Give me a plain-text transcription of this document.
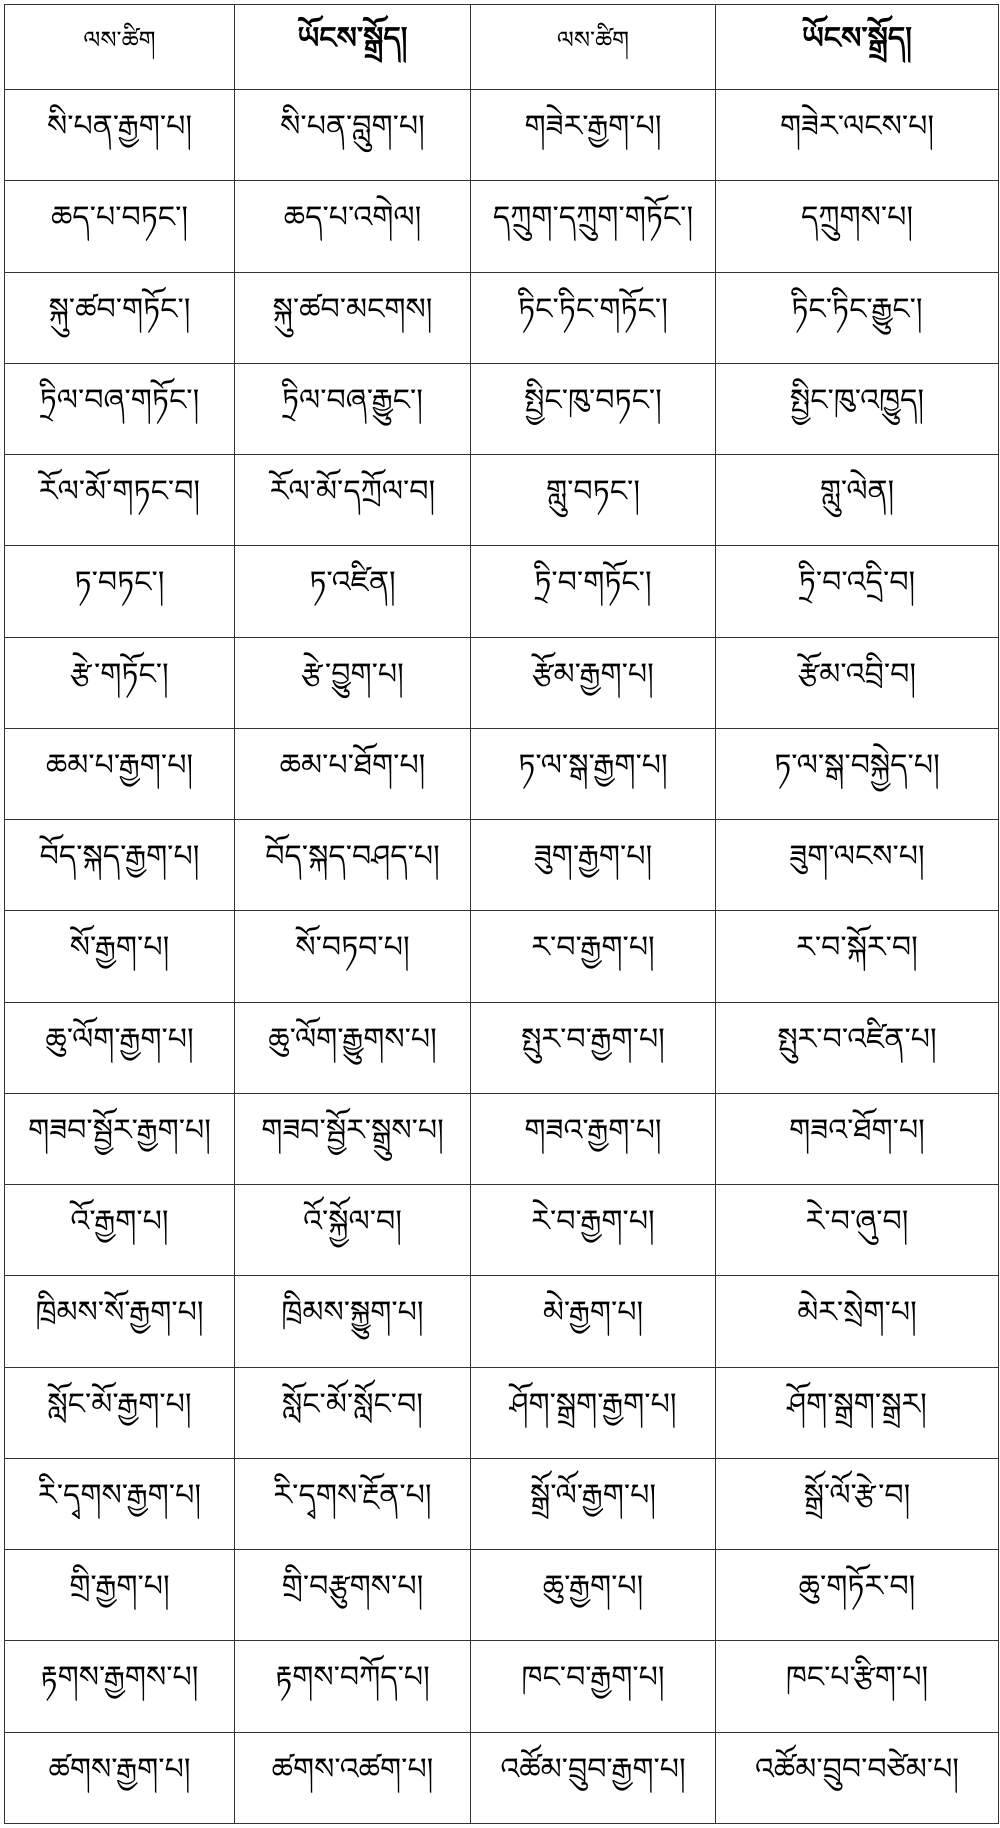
ལས་ཚིག	ཡོངས་སྒྲོད།	ལས་ཚིག	ཡོངས་སྒྲོད།
སི་པན་རྒྱག་པ།	སི་པན་བླུག་པ།	གཟེར་རྒྱག་པ།	གཟེར་ལངས་པ།
ཆད་པ་བཏང་།	ཆད་པ་འགེལ།	དཀྲུག་དཀྲུག་གཏོང་།	དཀྲུགས་པ།
སྐུ་ཚབ་གཏོང་།	སྐུ་ཚབ་མངགས།	ཏིང་ཏིང་གཏོང་།	ཏིང་ཏིང་རྒྱུང་།
ཏྲིལ་བཞ་གཏོང་།	ཏྲིལ་བཞ་རྒྱུང་།	སྤྱིང་ཁུ་བཏང་།	སྤྱིང་ཁུ་འཁྱུད།
རོལ་མོ་གཏང་བ།	རོལ་མོ་དཀྲོལ་བ།	གླུ་བཏང་།	གླུ་ལེན།
ཏ་བཏང་།	ཏ་འཛིན།	ཏྲི་བ་གཏོང་།	ཏྲི་བ་འདྲི་བ།
རྩེ་གཏོང་།	རྩེ་བྱུག་པ།	རྩོམ་རྒྱག་པ།	རྩོམ་འབྲི་བ།
ཆམ་པ་རྒྱག་པ།	ཆམ་པ་ཐོག་པ།	ཏ་ལ་སྒ་རྒྱག་པ།	ཏ་ལ་སྒ་བསྐྱེད་པ།
བོད་སྐད་རྒྱག་པ།	བོད་སྐད་བཤད་པ།	ཟུག་རྒྱག་པ།	ཟུག་ལངས་པ།
སོ་རྒྱག་པ།	སོ་བཏབ་པ།	ར་བ་རྒྱག་པ།	ར་བ་སྐོར་བ།
ཆུ་ལོག་རྒྱག་པ།	ཆུ་ལོག་རྒྱུགས་པ།	སྤུར་བ་རྒྱག་པ།	སྤུར་བ་འཛིན་པ།
གཟབ་སྦྱོར་རྒྱག་པ།	གཟབ་སྦྱོར་སྒྲུས་པ།	གཟའ་རྒྱག་པ།	གཟའ་ཐོག་པ།
འོ་རྒྱག་པ།	འོ་སྐྱོལ་བ།	རེ་བ་རྒྱག་པ།	རེ་བ་ཞུ་བ།
ཁྲིམས་སོ་རྒྱག་པ།	ཁྲིམས་སྐྱུག་པ།	མེ་རྒྱག་པ།	མེར་སྲེག་པ།
སློང་མོ་རྒྱག་པ།	སློང་མོ་སློང་བ།	ཤོག་སྒྲག་རྒྱག་པ།	ཤོག་སྒྲག་སྒྲར།
རི་དྭགས་རྒྱག་པ།	རི་དྭགས་རྔོན་པ།	སྒྲོ་ལོ་རྒྱག་པ།	སྒྲོ་ལོ་རྩེ་བ།
གྲི་རྒྱག་པ།	གྲི་བརྩུགས་པ།	ཆུ་རྒྱག་པ།	ཆུ་གཏོར་བ།
རྟགས་རྒྱགས་པ།	རྟགས་བཀོད་པ།	ཁང་བ་རྒྱག་པ།	ཁང་པ་རྩིག་པ།
ཚགས་རྒྱག་པ།	ཚགས་འཚག་པ།	འཚོམ་བྲུབ་རྒྱག་པ།	འཚོམ་བྲུབ་བཙེམ་པ།
